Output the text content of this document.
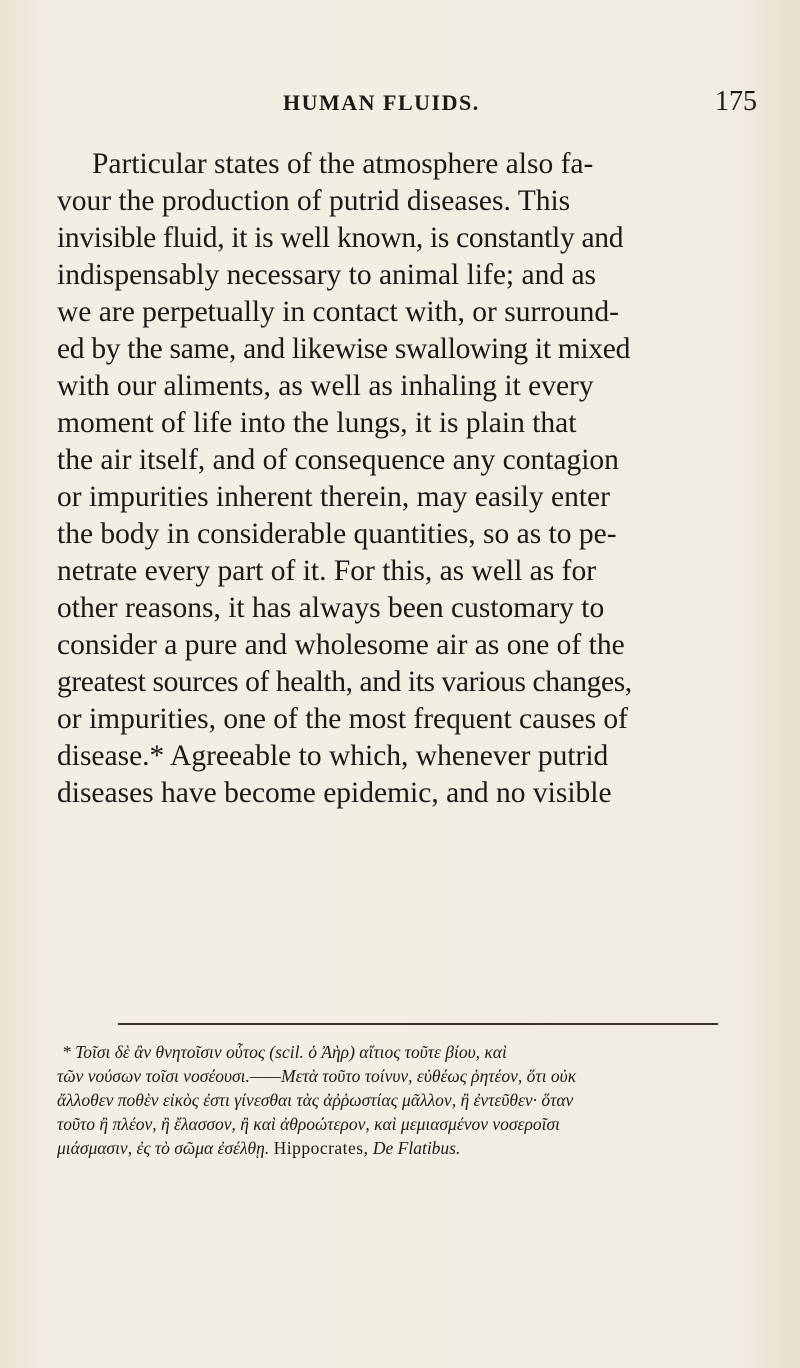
HUMAN FLUIDS.	175
Particular states of the atmosphere also fa-
vour the production of putrid diseases. This
invisible fluid, it is well known, is constantly and
indispensably necessary to animal life; and as
we are perpetually in contact with, or surround-
ed by the same, and likewise swallowing it mixed
with our aliments, as well as inhaling it every
moment of life into the lungs, it is plain that
the air itself, and of consequence any contagion
or impurities inherent therein, may easily enter
the body in considerable quantities, so as to pe-
netrate every part of it. For this, as well as for
other reasons, it has always been customary to
consider a pure and wholesome air as one of the
greatest sources of health, and its various changes,
or impurities, one of the most frequent causes of
disease.* Agreeable to which, whenever putrid
diseases have become epidemic, and no visible
* Τοῖσι δὲ ἂν θνητοῖσιν οὗτος (scil. ὁ Ἀὴρ) αἴτιος τοῦτε βίου, καὶ
τῶν νούσων τοῖσι νοσέουσι.——Μετὰ τοῦτο τοίνυν, εὐθέως ῥητέον, ὅτι οὐκ
ἄλλοθεν ποθὲν εἰκὸς ἐστι γίνεσθαι τὰς ἀῤῥωστίας μᾶλλον, ἢ ἐντεῦθεν· ὅταν
τοῦτο ἢ πλέον, ἢ ἔλασσον, ἢ καὶ ἀθροώτερον, καὶ μεμιασμένον νοσεροῖσι
μιάσμασιν, ἐς τὸ σῶμα ἐσέλθῃ. Hippocrates, De Flatibus.
